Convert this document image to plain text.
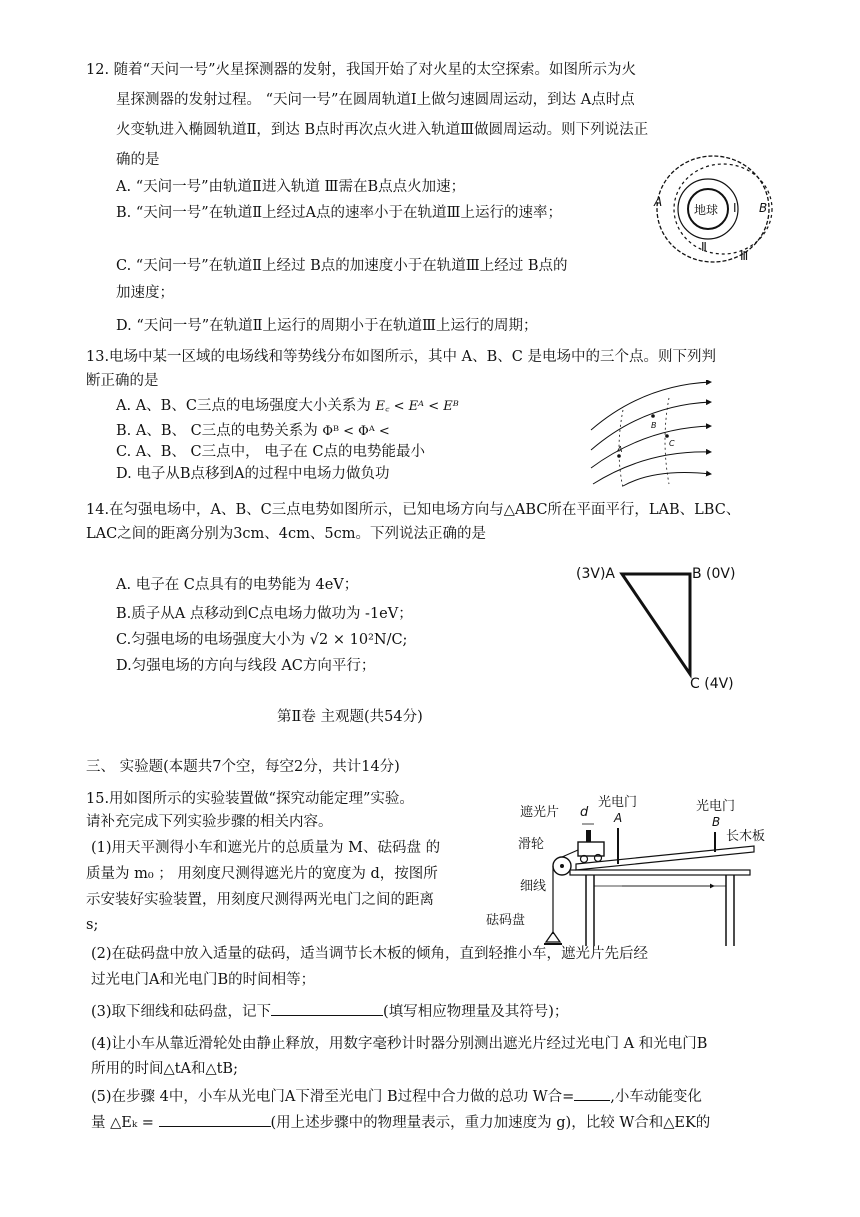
12. 随着“天问一号”火星探测器的发射，我国开始了对火星的太空探索。如图所示为火
星探测器的发射过程。 “天问一号”在圆周轨道Ⅰ上做匀速圆周运动，到达 A点时点
火变轨进入椭圆轨道Ⅱ，到达 B点时再次点火进入轨道Ⅲ做圆周运动。则下列说法正
确的是
A. “天问一号”由轨道Ⅱ进入轨道 Ⅲ需在B点点火加速；
B. “天问一号”在轨道Ⅱ上经过A点的速率小于在轨道Ⅲ上运行的速率；
C. “天问一号”在轨道Ⅱ上经过 B点的加速度小于在轨道Ⅲ上经过 B点的
加速度；
D. “天问一号”在轨道Ⅱ上运行的周期小于在轨道Ⅲ上运行的周期；
地球
A	B
I
Ⅱ
Ⅲ
13.电场中某一区域的电场线和等势线分布如图所示，其中 A、B、C 是电场中的三个点。则下列判
断正确的是
A. A、B、C三点的电场强度大小关系为 E꜀ < Eᴬ < Eᴮ
B. A、B、 C三点的电势关系为 Φᴮ < Φᴬ <
C. A、B、 C三点中， 电子在 C点的电势能最小
D. 电子从B点移到A的过程中电场力做负功
A
B
C
14.在匀强电场中，A、B、C三点电势如图所示，已知电场方向与△ABC所在平面平行，LAB、LBC、
LAC之间的距离分别为3cm、4cm、5cm。下列说法正确的是
A. 电子在 C点具有的电势能为 4eV；
B.质子从A 点移动到C点电场力做功为 -1eV；
C.匀强电场的电场强度大小为 √2 × 10²N/C;
D.匀强电场的方向与线段 AC方向平行；
(3V)A	B (0V)
C (4V)
第Ⅱ卷 主观题(共54分)
三、 实验题(本题共7个空，每空2分，共计14分)
15.用如图所示的实验装置做“探究动能定理”实验。
请补充完成下列实验步骤的相关内容。
(1)用天平测得小车和遮光片的总质量为 M、砝码盘 的
质量为 m₀ ； 用刻度尺测得遮光片的宽度为 d，按图所
示安装好实验装置，用刻度尺测得两光电门之间的距离
s;
(2)在砝码盘中放入适量的砝码，适当调节长木板的倾角，直到轻推小车，遮光片先后经
过光电门A和光电门B的时间相等；
(3)取下细线和砝码盘，记下	(填写相应物理量及其符号)；
(4)让小车从靠近滑轮处由静止释放，用数字毫秒计时器分别测出遮光片经过光电门 A 和光电门B
所用的时间△tA和△tB;
(5)在步骤 4中，小车从光电门A下滑至光电门 B过程中合力做的总功 W合= ,小车动能变化
量 △Eₖ =	(用上述步骤中的物理量表示，重力加速度为 g)，比较 W合和△EK的
遮光片 d
光电门
A
光电门
B
长木板
滑轮
细线
砝码盘
